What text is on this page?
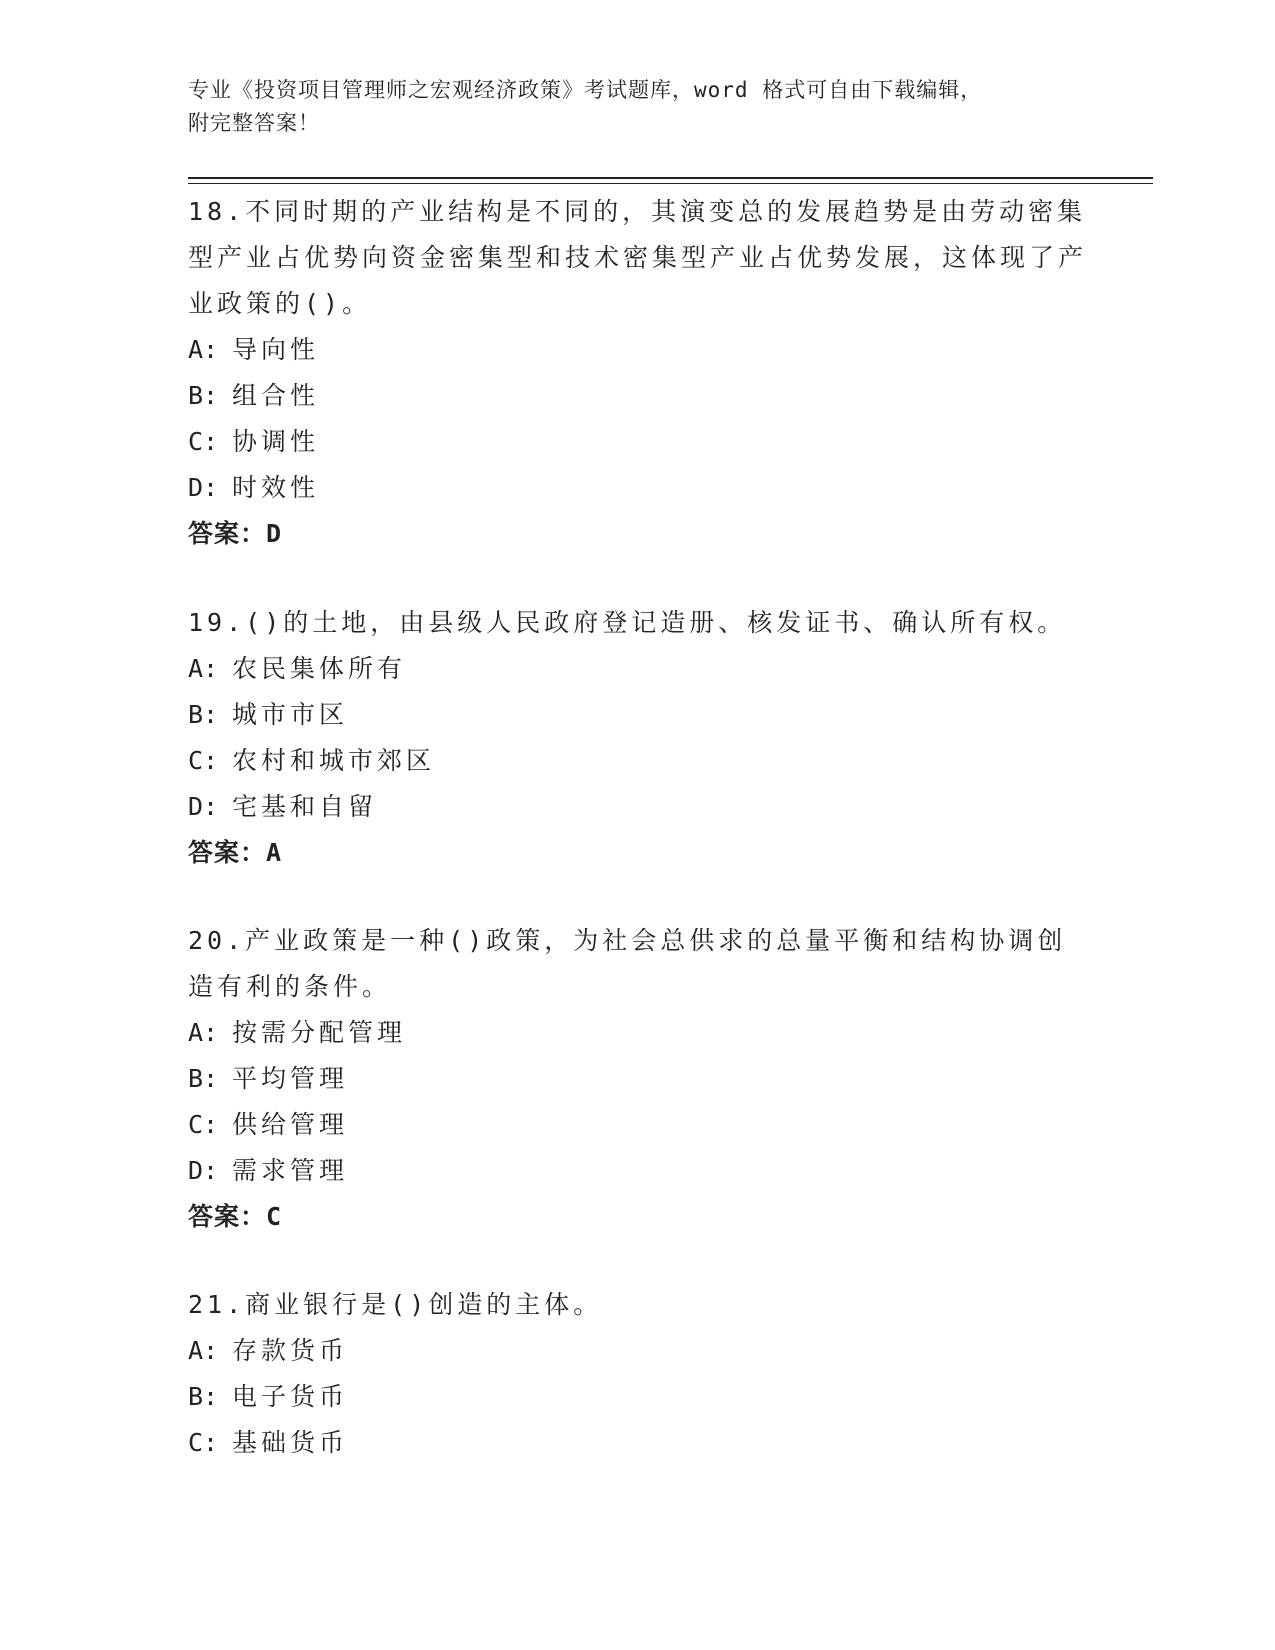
专业《投资项目管理师之宏观经济政策》考试题库，word 格式可自由下载编辑，
附完整答案！

18.不同时期的产业结构是不同的，其演变总的发展趋势是由劳动密集型产业占优势向资金密集型和技术密集型产业占优势发展，这体现了产业政策的()。

A: 导向性

B: 组合性

C: 协调性

D: 时效性

答案：D

19.()的土地，由县级人民政府登记造册、核发证书、确认所有权。

A: 农民集体所有

B: 城市市区

C: 农村和城市郊区

D: 宅基和自留

答案：A

20.产业政策是一种()政策，为社会总供求的总量平衡和结构协调创造有利的条件。

A: 按需分配管理

B: 平均管理

C: 供给管理

D: 需求管理

答案：C

21.商业银行是()创造的主体。

A: 存款货币

B: 电子货币

C: 基础货币
